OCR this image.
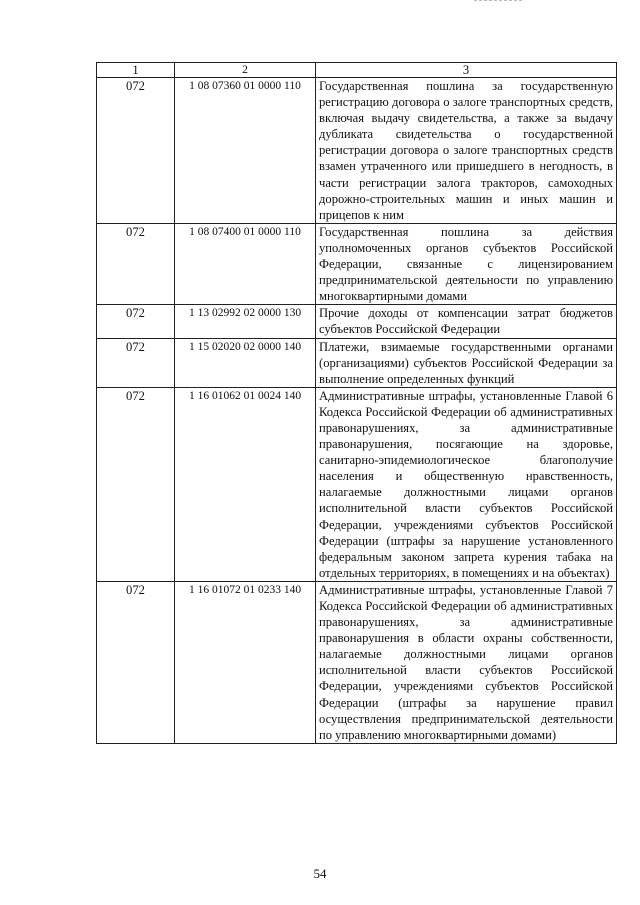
1	2	3

072	1 08 07360 01 0000 110	Государственная пошлина за государственную регистрацию договора о залоге транспортных средств, включая выдачу свидетельства, а также за выдачу дубликата свидетельства о государственной регистрации договора о залоге транспортных средств взамен утраченного или пришедшего в негодность, в части регистрации залога тракторов, самоходных дорожно-строительных машин и иных машин и прицепов к ним

072	1 08 07400 01 0000 110	Государственная пошлина за действия уполномоченных органов субъектов Российской Федерации, связанные с лицензированием предпринимательской деятельности по управлению многоквартирными домами

072	1 13 02992 02 0000 130	Прочие доходы от компенсации затрат бюджетов субъектов Российской Федерации

072	1 15 02020 02 0000 140	Платежи, взимаемые государственными органами (организациями) субъектов Российской Федерации за выполнение определенных функций

072	1 16 01062 01 0024 140	Административные штрафы, установленные Главой 6 Кодекса Российской Федерации об административных правонарушениях, за административные правонарушения, посягающие на здоровье, санитарно-эпидемиологическое благополучие населения и общественную нравственность, налагаемые должностными лицами органов исполнительной власти субъектов Российской Федерации, учреждениями субъектов Российской Федерации (штрафы за нарушение установленного федеральным законом запрета курения табака на отдельных территориях, в помещениях и на объектах)

072	1 16 01072 01 0233 140	Административные штрафы, установленные Главой 7 Кодекса Российской Федерации об административных правонарушениях, за административные правонарушения в области охраны собственности, налагаемые должностными лицами органов исполнительной власти субъектов Российской Федерации, учреждениями субъектов Российской Федерации (штрафы за нарушение правил осуществления предпринимательской деятельности по управлению многоквартирными домами)
54
